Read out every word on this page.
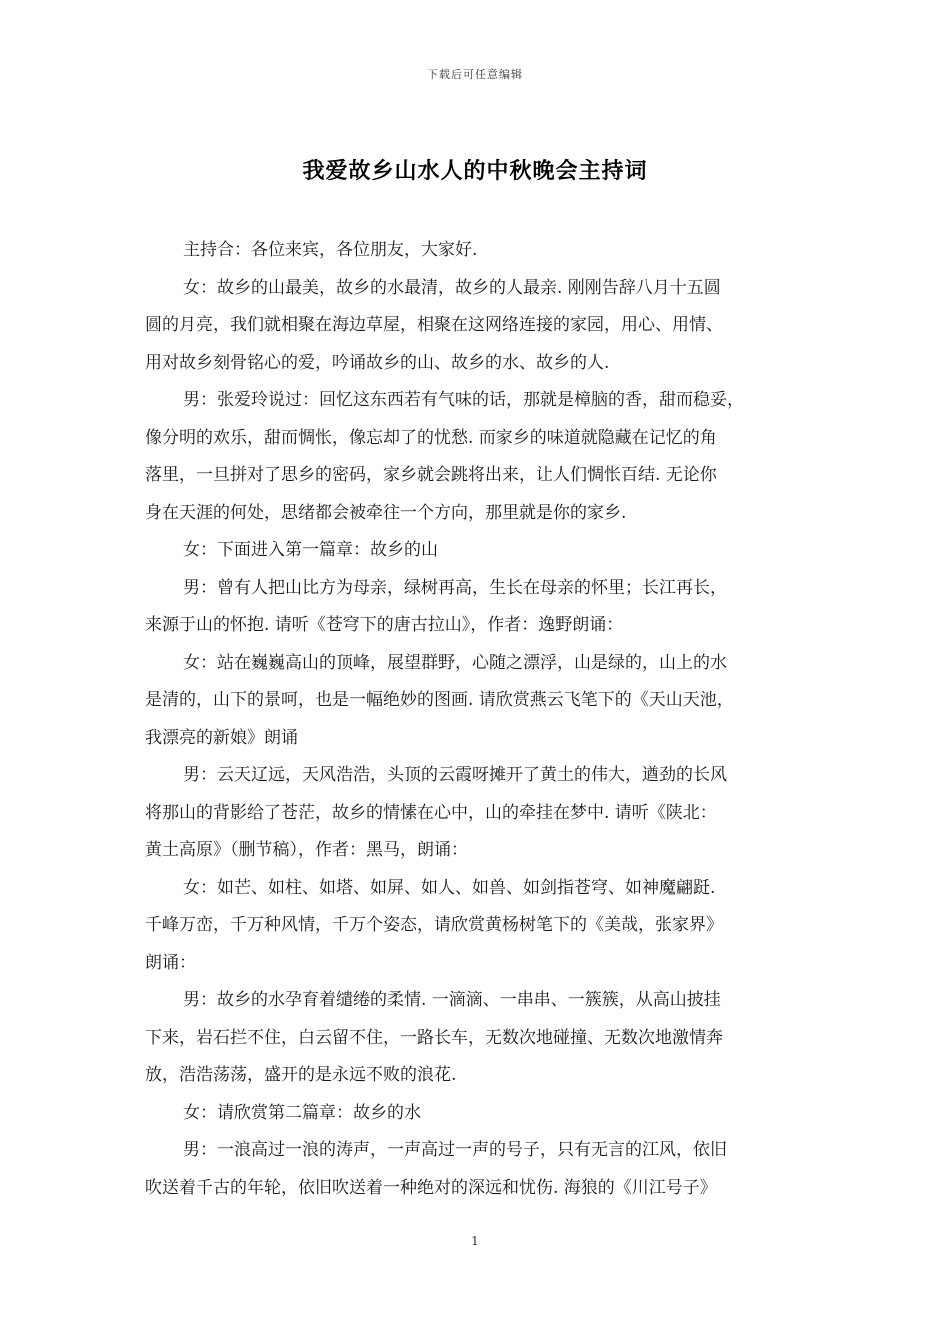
下载后可任意编辑
我爱故乡山水人的中秋晚会主持词
主持合：各位来宾，各位朋友，大家好.
女：故乡的山最美，故乡的水最清，故乡的人最亲. 刚刚告辞八月十五圆
圆的月亮，我们就相聚在海边草屋，相聚在这网络连接的家园，用心、用情、
用对故乡刻骨铭心的爱，吟诵故乡的山、故乡的水、故乡的人.
男：张爱玲说过：回忆这东西若有气味的话，那就是樟脑的香，甜而稳妥，
像分明的欢乐，甜而惆怅，像忘却了的忧愁. 而家乡的味道就隐藏在记忆的角
落里，一旦拼对了思乡的密码，家乡就会跳将出来，让人们惆怅百结. 无论你
身在天涯的何处，思绪都会被牵往一个方向，那里就是你的家乡.
女：下面进入第一篇章：故乡的山
男：曾有人把山比方为母亲，绿树再高，生长在母亲的怀里；长江再长，
来源于山的怀抱. 请听《苍穹下的唐古拉山》，作者：逸野朗诵：
女：站在巍巍高山的顶峰，展望群野，心随之漂浮，山是绿的，山上的水
是清的，山下的景呵，也是一幅绝妙的图画. 请欣赏燕云飞笔下的《天山天池，
我漂亮的新娘》朗诵
男：云天辽远，天风浩浩，头顶的云霞呀摊开了黄土的伟大，遒劲的长风
将那山的背影给了苍茫，故乡的情愫在心中，山的牵挂在梦中. 请听《陕北：
黄土高原》（删节稿），作者：黑马，朗诵：
女：如芒、如柱、如塔、如屏、如人、如兽、如剑指苍穹、如神魔翩跹.
千峰万峦，千万种风情，千万个姿态，请欣赏黄杨树笔下的《美哉，张家界》
朗诵：
男：故乡的水孕育着缱绻的柔情. 一滴滴、一串串、一簇簇，从高山披挂
下来，岩石拦不住，白云留不住，一路长车，无数次地碰撞、无数次地激情奔
放，浩浩荡荡，盛开的是永远不败的浪花.
女：请欣赏第二篇章：故乡的水
男：一浪高过一浪的涛声，一声高过一声的号子，只有无言的江风，依旧
吹送着千古的年轮，依旧吹送着一种绝对的深远和忧伤. 海狼的《川江号子》
1
